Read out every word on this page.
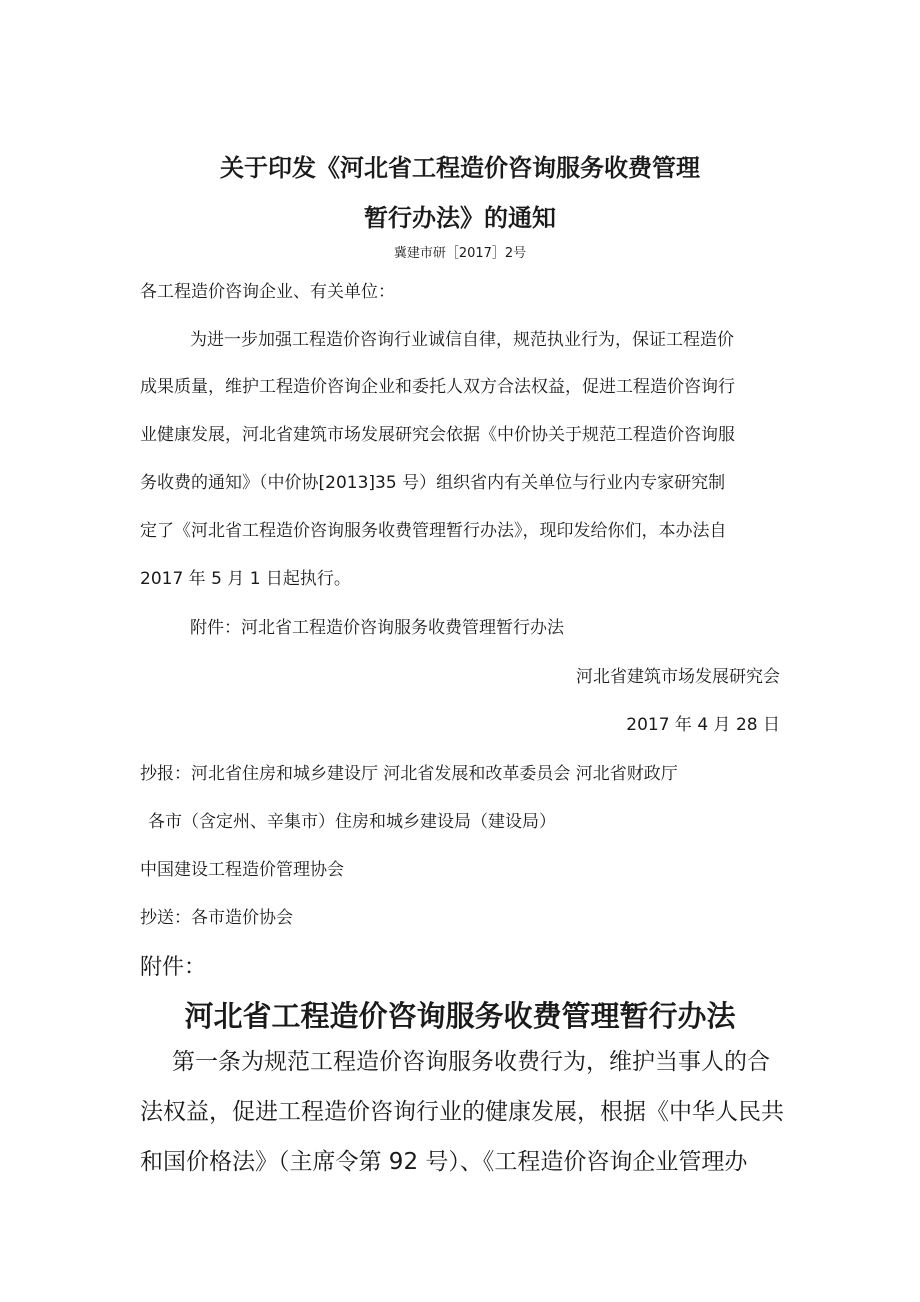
关于印发《河北省工程造价咨询服务收费管理
暂行办法》的通知
冀建市研［2017］2号
各工程造价咨询企业、有关单位：
为进一步加强工程造价咨询行业诚信自律，规范执业行为，保证工程造价
成果质量，维护工程造价咨询企业和委托人双方合法权益，促进工程造价咨询行
业健康发展，河北省建筑市场发展研究会依据《中价协关于规范工程造价咨询服
务收费的通知》（中价协[2013]35 号）组织省内有关单位与行业内专家研究制
定了《河北省工程造价咨询服务收费管理暂行办法》，现印发给你们，本办法自
2017 年 5 月 1 日起执行。
附件：河北省工程造价咨询服务收费管理暂行办法
河北省建筑市场发展研究会
2017 年 4 月 28 日
抄报：河北省住房和城乡建设厅 河北省发展和改革委员会 河北省财政厅
各市（含定州、辛集市）住房和城乡建设局（建设局）
中国建设工程造价管理协会
抄送：各市造价协会
附件：
河北省工程造价咨询服务收费管理暂行办法
第一条为规范工程造价咨询服务收费行为，维护当事人的合
法权益，促进工程造价咨询行业的健康发展，根据《中华人民共
和国价格法》（主席令第 92 号）、《工程造价咨询企业管理办
